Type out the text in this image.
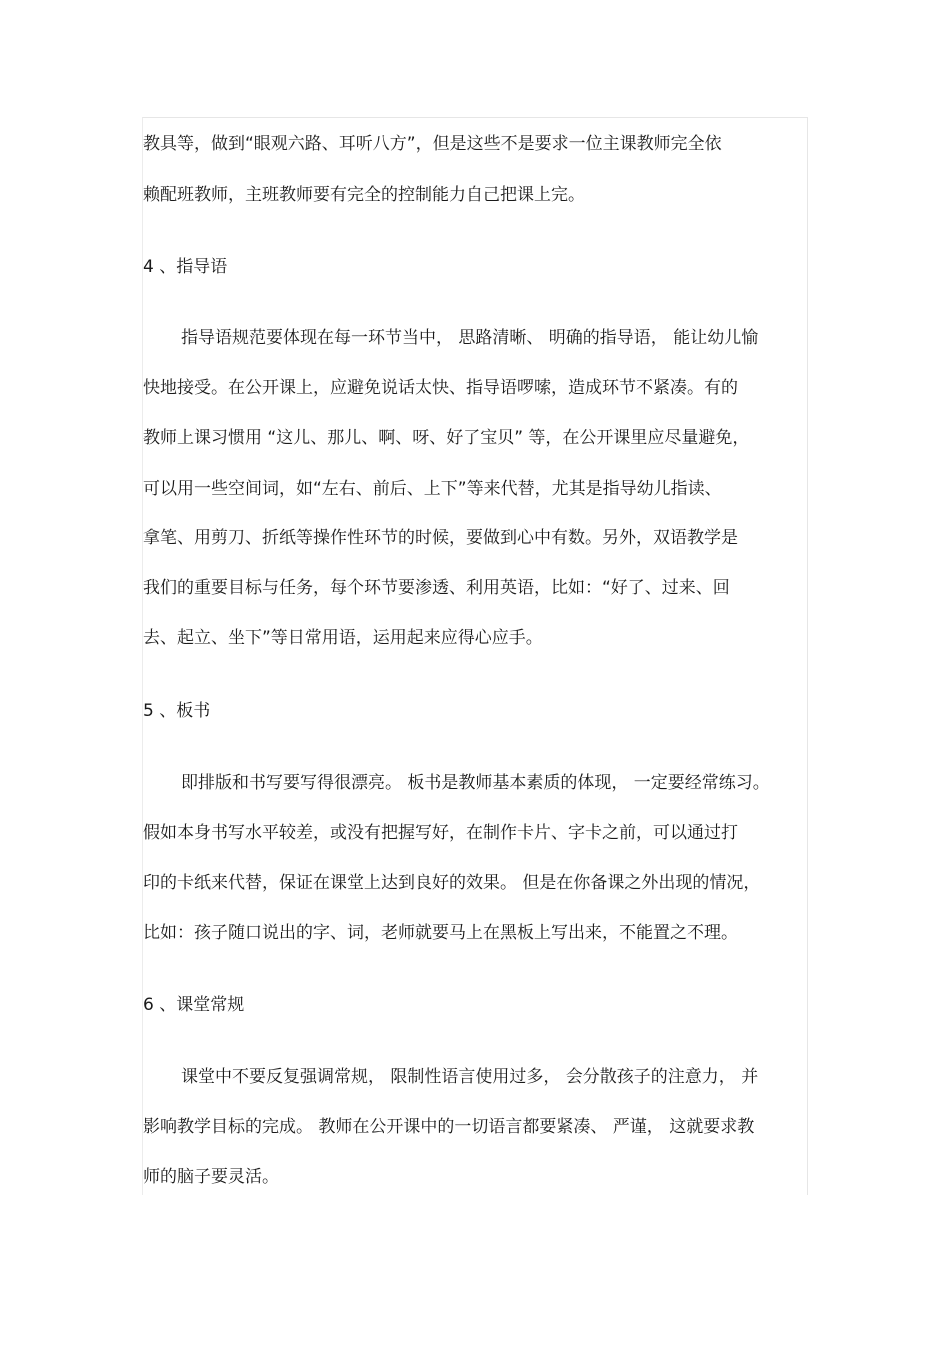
教具等，做到“眼观六路、耳听八方”，但是这些不是要求一位主课教师完全依
赖配班教师，主班教师要有完全的控制能力自己把课上完。
4 、指导语
指导语规范要体现在每一环节当中， 思路清晰、 明确的指导语， 能让幼儿愉
快地接受。在公开课上，应避免说话太快、指导语啰嗦，造成环节不紧凑。有的
教师上课习惯用 “这儿、那儿、啊、呀、好了宝贝” 等，在公开课里应尽量避免，
可以用一些空间词，如“左右、前后、上下”等来代替，尤其是指导幼儿指读、
拿笔、用剪刀、折纸等操作性环节的时候，要做到心中有数。另外，双语教学是
我们的重要目标与任务，每个环节要渗透、利用英语，比如：“好了、过来、回
去、起立、坐下”等日常用语，运用起来应得心应手。
5 、板书
即排版和书写要写得很漂亮。 板书是教师基本素质的体现， 一定要经常练习。
假如本身书写水平较差，或没有把握写好，在制作卡片、字卡之前，可以通过打
印的卡纸来代替，保证在课堂上达到良好的效果。 但是在你备课之外出现的情况，
比如：孩子随口说出的字、词，老师就要马上在黑板上写出来，不能置之不理。
6 、课堂常规
课堂中不要反复强调常规， 限制性语言使用过多， 会分散孩子的注意力， 并
影响教学目标的完成。 教师在公开课中的一切语言都要紧凑、 严谨， 这就要求教
师的脑子要灵活。
